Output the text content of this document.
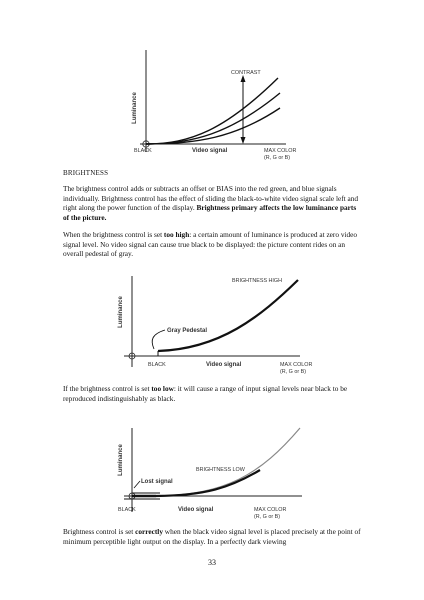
CONTRAST
Luminance
Video signal
BLACK	MAX COLOR
(R, G or B)
BRIGHTNESS

The brightness control adds or subtracts an offset or BIAS into the red green, and blue signals individually. Brightness control has the effect of sliding the black-to-white video signal scale left and right along the power function of the display. Brightness primary affects the low luminance parts of the picture.

When the brightness control is set too high: a certain amount of luminance is produced at zero video signal level. No video signal can cause true black to be displayed: the picture content rides on an overall pedestal of gray.

Gray Pedestal
BRIGHTNESS HIGH
Luminance
Video signal
BLACK	MAX COLOR
(R, G or B)

If the brightness control is set too low: it will cause a range of input signal levels near black to be reproduced indistinguishably as black.

Lost signal
BRIGHTNESS LOW
Luminance
Video signal
BLACK	MAX COLOR
(R, G or B)

Brightness control is set correctly when the black video signal level is placed precisely at the point of minimum perceptible light output on the display. In a perfectly dark viewing

33
